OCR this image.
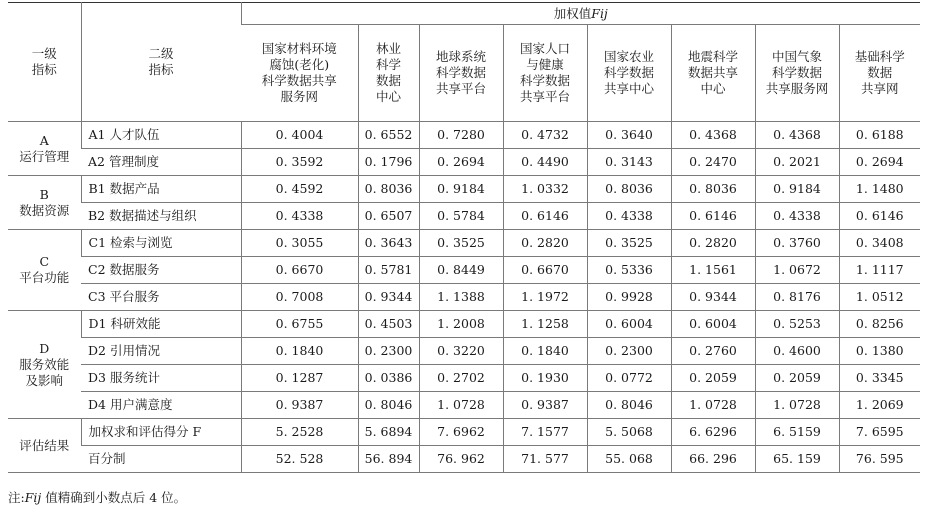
一级
指标	二级
指标	加权值Fij							

		国家材料环境
腐蚀(老化)
科学数据共享
服务网	林业
科学
数据
中心	地球系统
科学数据
共享平台	国家人口
与健康
科学数据
共享平台	国家农业
科学数据
共享中心	地震科学
数据共享
中心	中国气象
科学数据
共享服务网	基础科学
数据
共享网

A
运行管理	A1 人才队伍	0. 4004	0. 6552	0. 7280	0. 4732	0. 3640	0. 4368	0. 4368	0. 6188
	A2 管理制度	0. 3592	0. 1796	0. 2694	0. 4490	0. 3143	0. 2470	0. 2021	0. 2694

B
数据资源	B1 数据产品	0. 4592	0. 8036	0. 9184	1. 0332	0. 8036	0. 8036	0. 9184	1. 1480
	B2 数据描述与组织	0. 4338	0. 6507	0. 5784	0. 6146	0. 4338	0. 6146	0. 4338	0. 6146

C
平台功能	C1 检索与浏览	0. 3055	0. 3643	0. 3525	0. 2820	0. 3525	0. 2820	0. 3760	0. 3408
	C2 数据服务	0. 6670	0. 5781	0. 8449	0. 6670	0. 5336	1. 1561	1. 0672	1. 1117
	C3 平台服务	0. 7008	0. 9344	1. 1388	1. 1972	0. 9928	0. 9344	0. 8176	1. 0512

D
服务效能
及影响	D1 科研效能	0. 6755	0. 4503	1. 2008	1. 1258	0. 6004	0. 6004	0. 5253	0. 8256
	D2 引用情况	0. 1840	0. 2300	0. 3220	0. 1840	0. 2300	0. 2760	0. 4600	0. 1380
	D3 服务统计	0. 1287	0. 0386	0. 2702	0. 1930	0. 0772	0. 2059	0. 2059	0. 3345
	D4 用户满意度	0. 9387	0. 8046	1. 0728	0. 9387	0. 8046	1. 0728	1. 0728	1. 2069

评估结果	加权求和评估得分 F	5. 2528	5. 6894	7. 6962	7. 1577	5. 5068	6. 6296	6. 5159	7. 6595
	百分制	52. 528	56. 894	76. 962	71. 577	55. 068	66. 296	65. 159	76. 595
注:Fij 值精确到小数点后 4 位。
